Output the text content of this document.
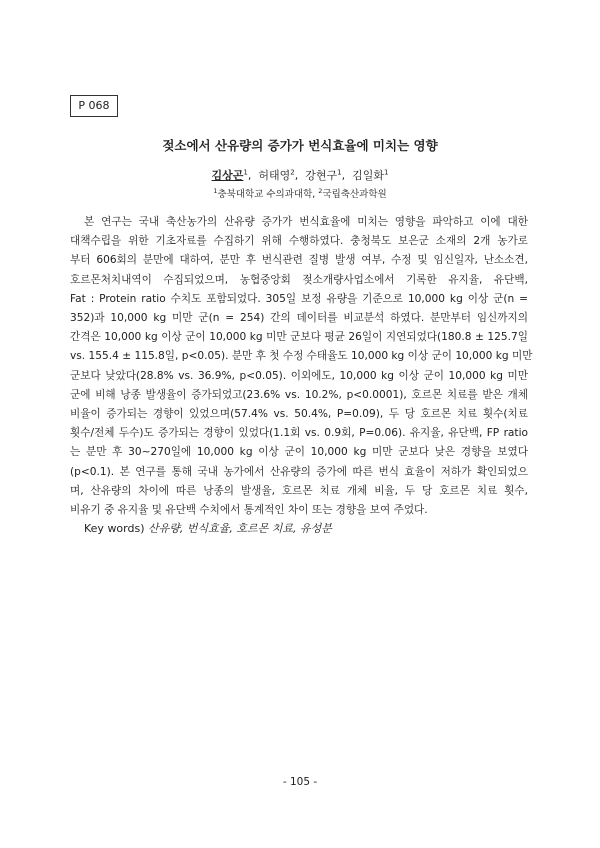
P 068
젖소에서 산유량의 증가가 번식효율에 미치는 영향
김상곤$^1$,  허태영$^2$,  강현구$^1$,  김일화$^1$
$^1$충북대학교 수의과대학, $^2$국립축산과학원
본 연구는 국내 축산농가의 산유량 증가가 번식효율에 미치는 영향을 파악하고 이에 대한
대책수립을 위한 기초자료를 수집하기 위해 수행하였다. 충청북도 보은군 소재의 2개 농가로
부터 606회의 분만에 대하여, 분만 후 번식관련 질병 발생 여부, 수정 및 임신일자, 난소소견,
호르몬처치내역이 수집되었으며, 농협중앙회 젖소개량사업소에서 기록한 유지율, 유단백,
Fat : Protein ratio 수치도 포함되었다. 305일 보정 유량을 기준으로 10,000 kg 이상 군(n =
352)과 10,000 kg 미만 군(n = 254) 간의 데이터를 비교분석 하였다. 분만부터 임신까지의
간격은 10,000 kg 이상 군이 10,000 kg 미만 군보다 평균 26일이 지연되었다(180.8 ± 125.7일
vs. 155.4 ± 115.8일, p<0.05). 분만 후 첫 수정 수태율도 10,000 kg 이상 군이 10,000 kg 미만
군보다 낮았다(28.8% vs. 36.9%, p<0.05). 이외에도, 10,000 kg 이상 군이 10,000 kg 미만
군에 비해 낭종 발생율이 증가되었고(23.6% vs. 10.2%, p<0.0001), 호르몬 치료를 받은 개체
비율이 증가되는 경향이 있었으며(57.4% vs. 50.4%, P=0.09), 두 당 호르몬 치료 횟수(치료
횟수/전체 두수)도 증가되는 경향이 있었다(1.1회 vs. 0.9회, P=0.06). 유지율, 유단백, FP ratio
는 분만 후 30∼270일에 10,000 kg 이상 군이 10,000 kg 미만 군보다 낮은 경향을 보였다
(p<0.1). 본 연구를 통해 국내 농가에서 산유량의 증가에 따른 번식 효율이 저하가 확인되었으
며, 산유량의 차이에 따른 낭종의 발생율, 호르몬 치료 개체 비율, 두 당 호르몬 치료 횟수,
비유기 중 유지율 및 유단백 수치에서 통계적인 차이 또는 경향을 보여 주었다.
Key words) 산유량, 번식효율, 호르몬 치료, 유성분
- 105 -
